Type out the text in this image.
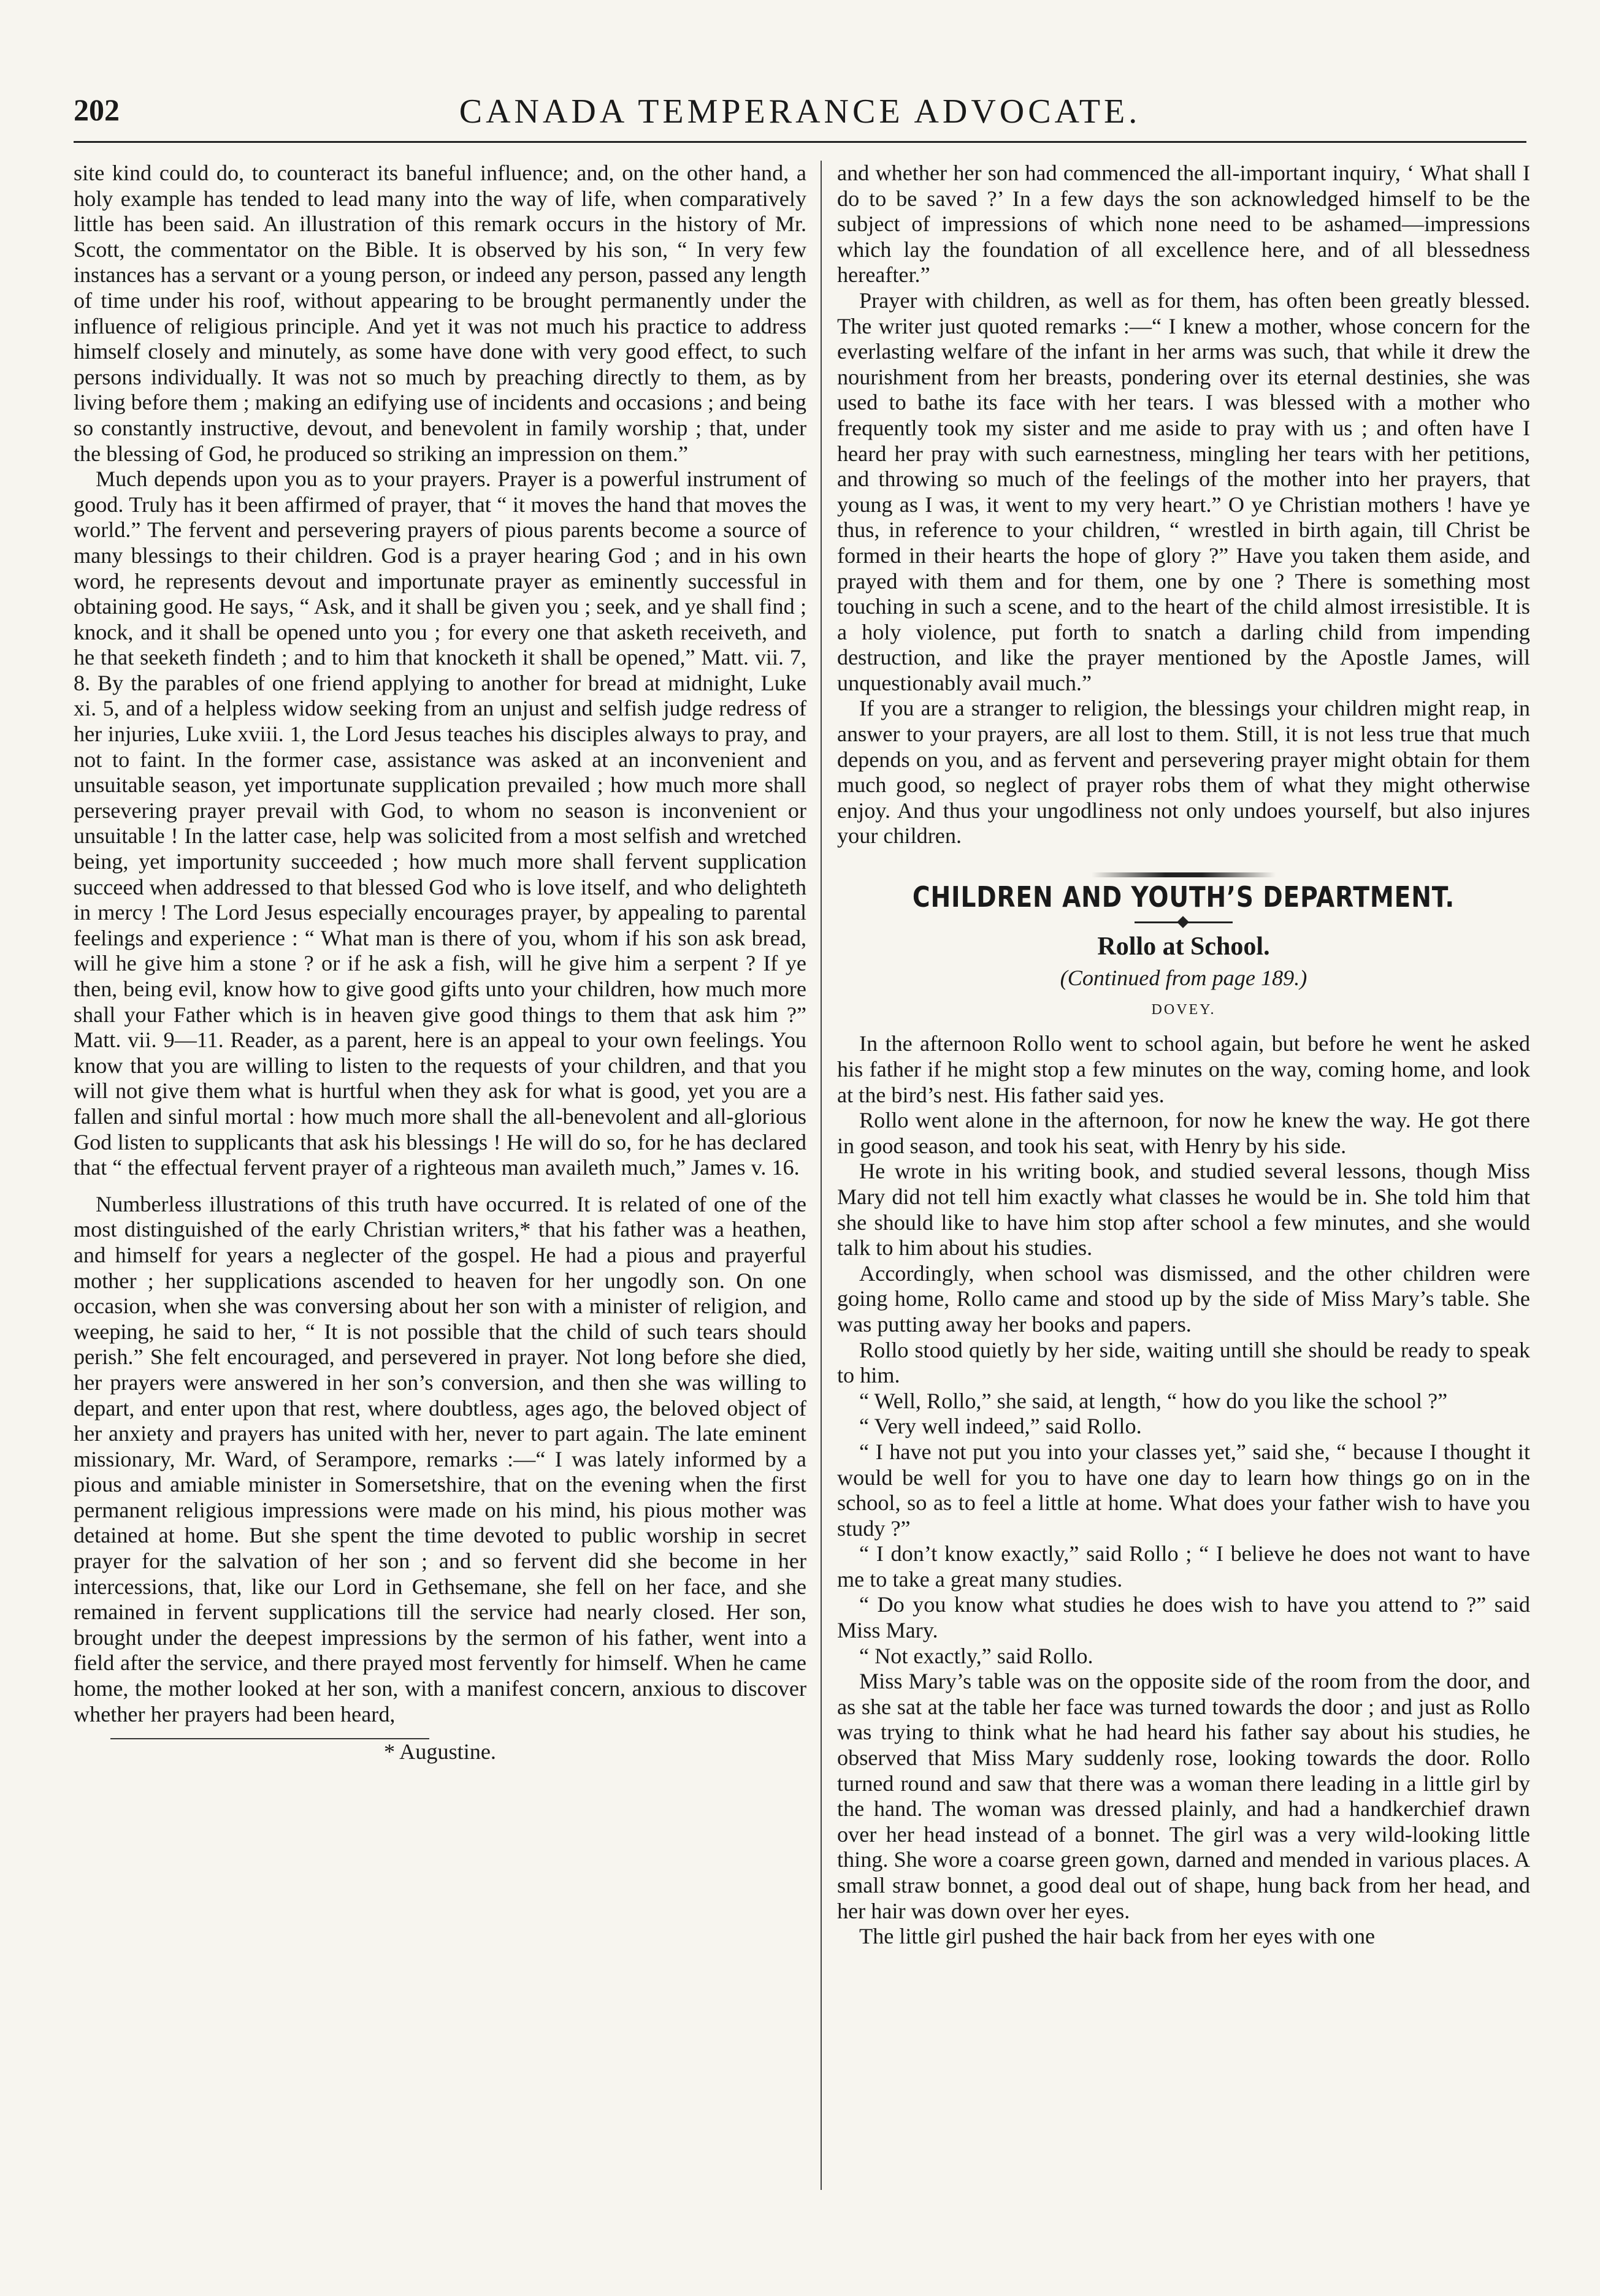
202	CANADA TEMPERANCE ADVOCATE.

site kind could do, to counteract its baneful influence; and, on the other hand, a holy example has tended to lead many into the way of life, when comparatively little has been said. An illustration of this remark occurs in the history of Mr. Scott, the commentator on the Bible. It is observed by his son, “ In very few instances has a servant or a young person, or indeed any person, passed any length of time under his roof, without appearing to be brought permanently under the influence of religious principle. And yet it was not much his practice to address himself closely and minutely, as some have done with very good effect, to such persons individually. It was not so much by preaching directly to them, as by living before them ; making an edifying use of incidents and occasions ; and being so constantly instructive, devout, and benevolent in family worship ; that, under the blessing of God, he produced so striking an impression on them.”

Much depends upon you as to your prayers. Prayer is a powerful instrument of good. Truly has it been affirmed of prayer, that “ it moves the hand that moves the world.” The fervent and persevering prayers of pious parents become a source of many blessings to their children. God is a prayer hearing God ; and in his own word, he represents devout and importunate prayer as eminently successful in obtaining good. He says, “ Ask, and it shall be given you ; seek, and ye shall find ; knock, and it shall be opened unto you ; for every one that asketh receiveth, and he that seeketh findeth ; and to him that knocketh it shall be opened,” Matt. vii. 7, 8. By the parables of one friend applying to another for bread at midnight, Luke xi. 5, and of a helpless widow seeking from an unjust and selfish judge redress of her injuries, Luke xviii. 1, the Lord Jesus teaches his disciples always to pray, and not to faint. In the former case, assistance was asked at an inconvenient and unsuitable season, yet importunate supplication prevailed ; how much more shall persevering prayer prevail with God, to whom no season is inconvenient or unsuitable ! In the latter case, help was solicited from a most selfish and wretched being, yet importunity succeeded ; how much more shall fervent supplication succeed when addressed to that blessed God who is love itself, and who delighteth in mercy ! The Lord Jesus especially encourages prayer, by appealing to parental feelings and experience : “ What man is there of you, whom if his son ask bread, will he give him a stone ? or if he ask a fish, will he give him a serpent ? If ye then, being evil, know how to give good gifts unto your children, how much more shall your Father which is in heaven give good things to them that ask him ?” Matt. vii. 9—11. Reader, as a parent, here is an appeal to your own feelings. You know that you are willing to listen to the requests of your children, and that you will not give them what is hurtful when they ask for what is good, yet you are a fallen and sinful mortal : how much more shall the all-benevolent and all-glorious God listen to supplicants that ask his blessings ! He will do so, for he has declared that “ the effectual fervent prayer of a righteous man availeth much,” James v. 16.

Numberless illustrations of this truth have occurred. It is related of one of the most distinguished of the early Christian writers,* that his father was a heathen, and himself for years a neglecter of the gospel. He had a pious and prayerful mother ; her supplications ascended to heaven for her ungodly son. On one occasion, when she was conversing about her son with a minister of religion, and weeping, he said to her, “ It is not possible that the child of such tears should perish.” She felt encouraged, and persevered in prayer. Not long before she died, her prayers were answered in her son’s conversion, and then she was willing to depart, and enter upon that rest, where doubtless, ages ago, the beloved object of her anxiety and prayers has united with her, never to part again. The late eminent missionary, Mr. Ward, of Serampore, remarks :—“ I was lately informed by a pious and amiable minister in Somersetshire, that on the evening when the first permanent religious impressions were made on his mind, his pious mother was detained at home. But she spent the time devoted to public worship in secret prayer for the salvation of her son ; and so fervent did she become in her intercessions, that, like our Lord in Gethsemane, she fell on her face, and she remained in fervent supplications till the service had nearly closed. Her son, brought under the deepest impressions by the sermon of his father, went into a field after the service, and there prayed most fervently for himself. When he came home, the mother looked at her son, with a manifest concern, anxious to discover whether her prayers had been heard,

* Augustine.

and whether her son had commenced the all-important inquiry, ‘ What shall I do to be saved ?’ In a few days the son acknowledged himself to be the subject of impressions of which none need to be ashamed—impressions which lay the foundation of all excellence here, and of all blessedness hereafter.”

Prayer with children, as well as for them, has often been greatly blessed. The writer just quoted remarks :—“ I knew a mother, whose concern for the everlasting welfare of the infant in her arms was such, that while it drew the nourishment from her breasts, pondering over its eternal destinies, she was used to bathe its face with her tears. I was blessed with a mother who frequently took my sister and me aside to pray with us ; and often have I heard her pray with such earnestness, mingling her tears with her petitions, and throwing so much of the feelings of the mother into her prayers, that young as I was, it went to my very heart.” O ye Christian mothers ! have ye thus, in reference to your children, “ wrestled in birth again, till Christ be formed in their hearts the hope of glory ?” Have you taken them aside, and prayed with them and for them, one by one ? There is something most touching in such a scene, and to the heart of the child almost irresistible. It is a holy violence, put forth to snatch a darling child from impending destruction, and like the prayer mentioned by the Apostle James, will unquestionably avail much.”

If you are a stranger to religion, the blessings your children might reap, in answer to your prayers, are all lost to them. Still, it is not less true that much depends on you, and as fervent and persevering prayer might obtain for them much good, so neglect of prayer robs them of what they might otherwise enjoy. And thus your ungodliness not only undoes yourself, but also injures your children.

CHILDREN AND YOUTH’S DEPARTMENT.

Rollo at School.

(Continued from page 189.)

DOVEY.

In the afternoon Rollo went to school again, but before he went he asked his father if he might stop a few minutes on the way, coming home, and look at the bird’s nest. His father said yes.

Rollo went alone in the afternoon, for now he knew the way. He got there in good season, and took his seat, with Henry by his side.

He wrote in his writing book, and studied several lessons, though Miss Mary did not tell him exactly what classes he would be in. She told him that she should like to have him stop after school a few minutes, and she would talk to him about his studies.

Accordingly, when school was dismissed, and the other children were going home, Rollo came and stood up by the side of Miss Mary’s table. She was putting away her books and papers.

Rollo stood quietly by her side, waiting untill she should be ready to speak to him.

“ Well, Rollo,” she said, at length, “ how do you like the school ?”

“ Very well indeed,” said Rollo.

“ I have not put you into your classes yet,” said she, “ because I thought it would be well for you to have one day to learn how things go on in the school, so as to feel a little at home. What does your father wish to have you study ?”

“ I don’t know exactly,” said Rollo ; “ I believe he does not want to have me to take a great many studies.

“ Do you know what studies he does wish to have you attend to ?” said Miss Mary.

“ Not exactly,” said Rollo.

Miss Mary’s table was on the opposite side of the room from the door, and as she sat at the table her face was turned towards the door ; and just as Rollo was trying to think what he had heard his father say about his studies, he observed that Miss Mary suddenly rose, looking towards the door. Rollo turned round and saw that there was a woman there leading in a little girl by the hand. The woman was dressed plainly, and had a handkerchief drawn over her head instead of a bonnet. The girl was a very wild-looking little thing. She wore a coarse green gown, darned and mended in various places. A small straw bonnet, a good deal out of shape, hung back from her head, and her hair was down over her eyes.

The little girl pushed the hair back from her eyes with one
